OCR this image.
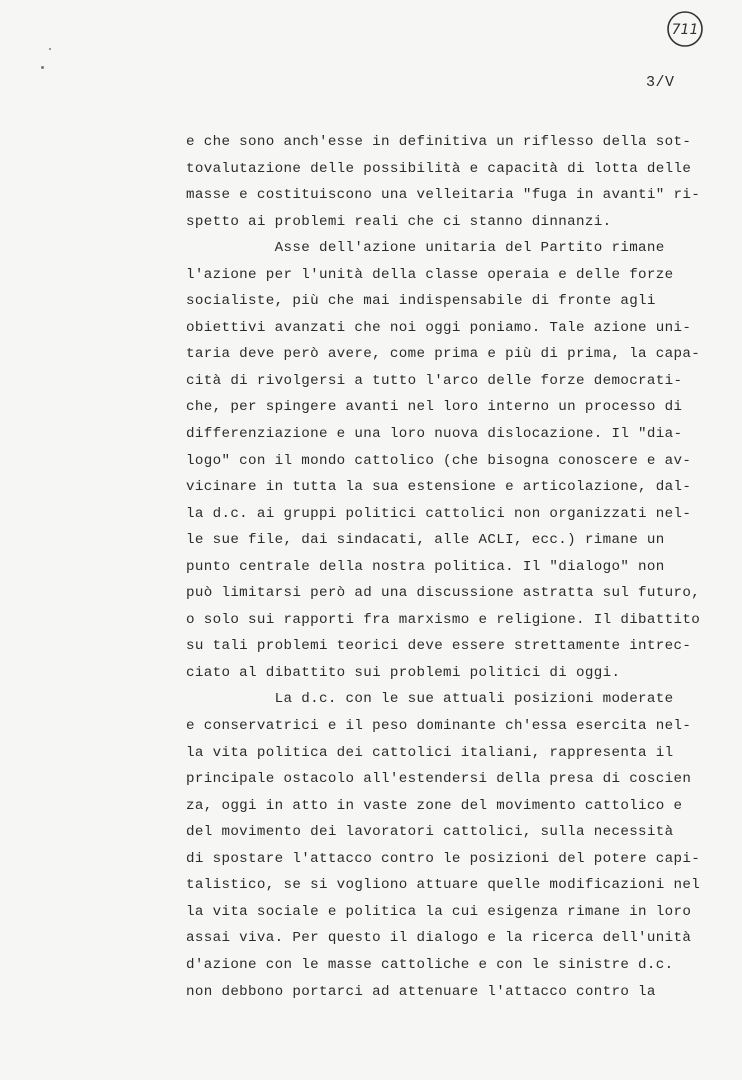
711
3/V
e che sono anch'esse in definitiva un riflesso della sot-
tovalutazione delle possibilità e capacità di lotta delle
masse e costituiscono una velleitaria "fuga in avanti" ri-
spetto ai problemi reali che ci stanno dinnanzi.
Asse dell'azione unitaria del Partito rimane
l'azione per l'unità della classe operaia e delle forze
socialiste, più che mai indispensabile di fronte agli
obiettivi avanzati che noi oggi poniamo. Tale azione uni-
taria deve però avere, come prima e più di prima, la capa-
cità di rivolgersi a tutto l'arco delle forze democrati-
che, per spingere avanti nel loro interno un processo di
differenziazione e una loro nuova dislocazione. Il "dia-
logo" con il mondo cattolico (che bisogna conoscere e av-
vicinare in tutta la sua estensione e articolazione, dal-
la d.c. ai gruppi politici cattolici non organizzati nel-
le sue file, dai sindacati, alle ACLI, ecc.) rimane un
punto centrale della nostra politica. Il "dialogo" non
può limitarsi però ad una discussione astratta sul futuro,
o solo sui rapporti fra marxismo e religione. Il dibattito
su tali problemi teorici deve essere strettamente intrec-
ciato al dibattito sui problemi politici di oggi.
La d.c. con le sue attuali posizioni moderate
e conservatrici e il peso dominante ch'essa esercita nel-
la vita politica dei cattolici italiani, rappresenta il
principale ostacolo all'estendersi della presa di coscien
za, oggi in atto in vaste zone del movimento cattolico e
del movimento dei lavoratori cattolici, sulla necessità
di spostare l'attacco contro le posizioni del potere capi-
talistico, se si vogliono attuare quelle modificazioni nel
la vita sociale e politica la cui esigenza rimane in loro
assai viva. Per questo il dialogo e la ricerca dell'unità
d'azione con le masse cattoliche e con le sinistre d.c.
non debbono portarci ad attenuare l'attacco contro la
